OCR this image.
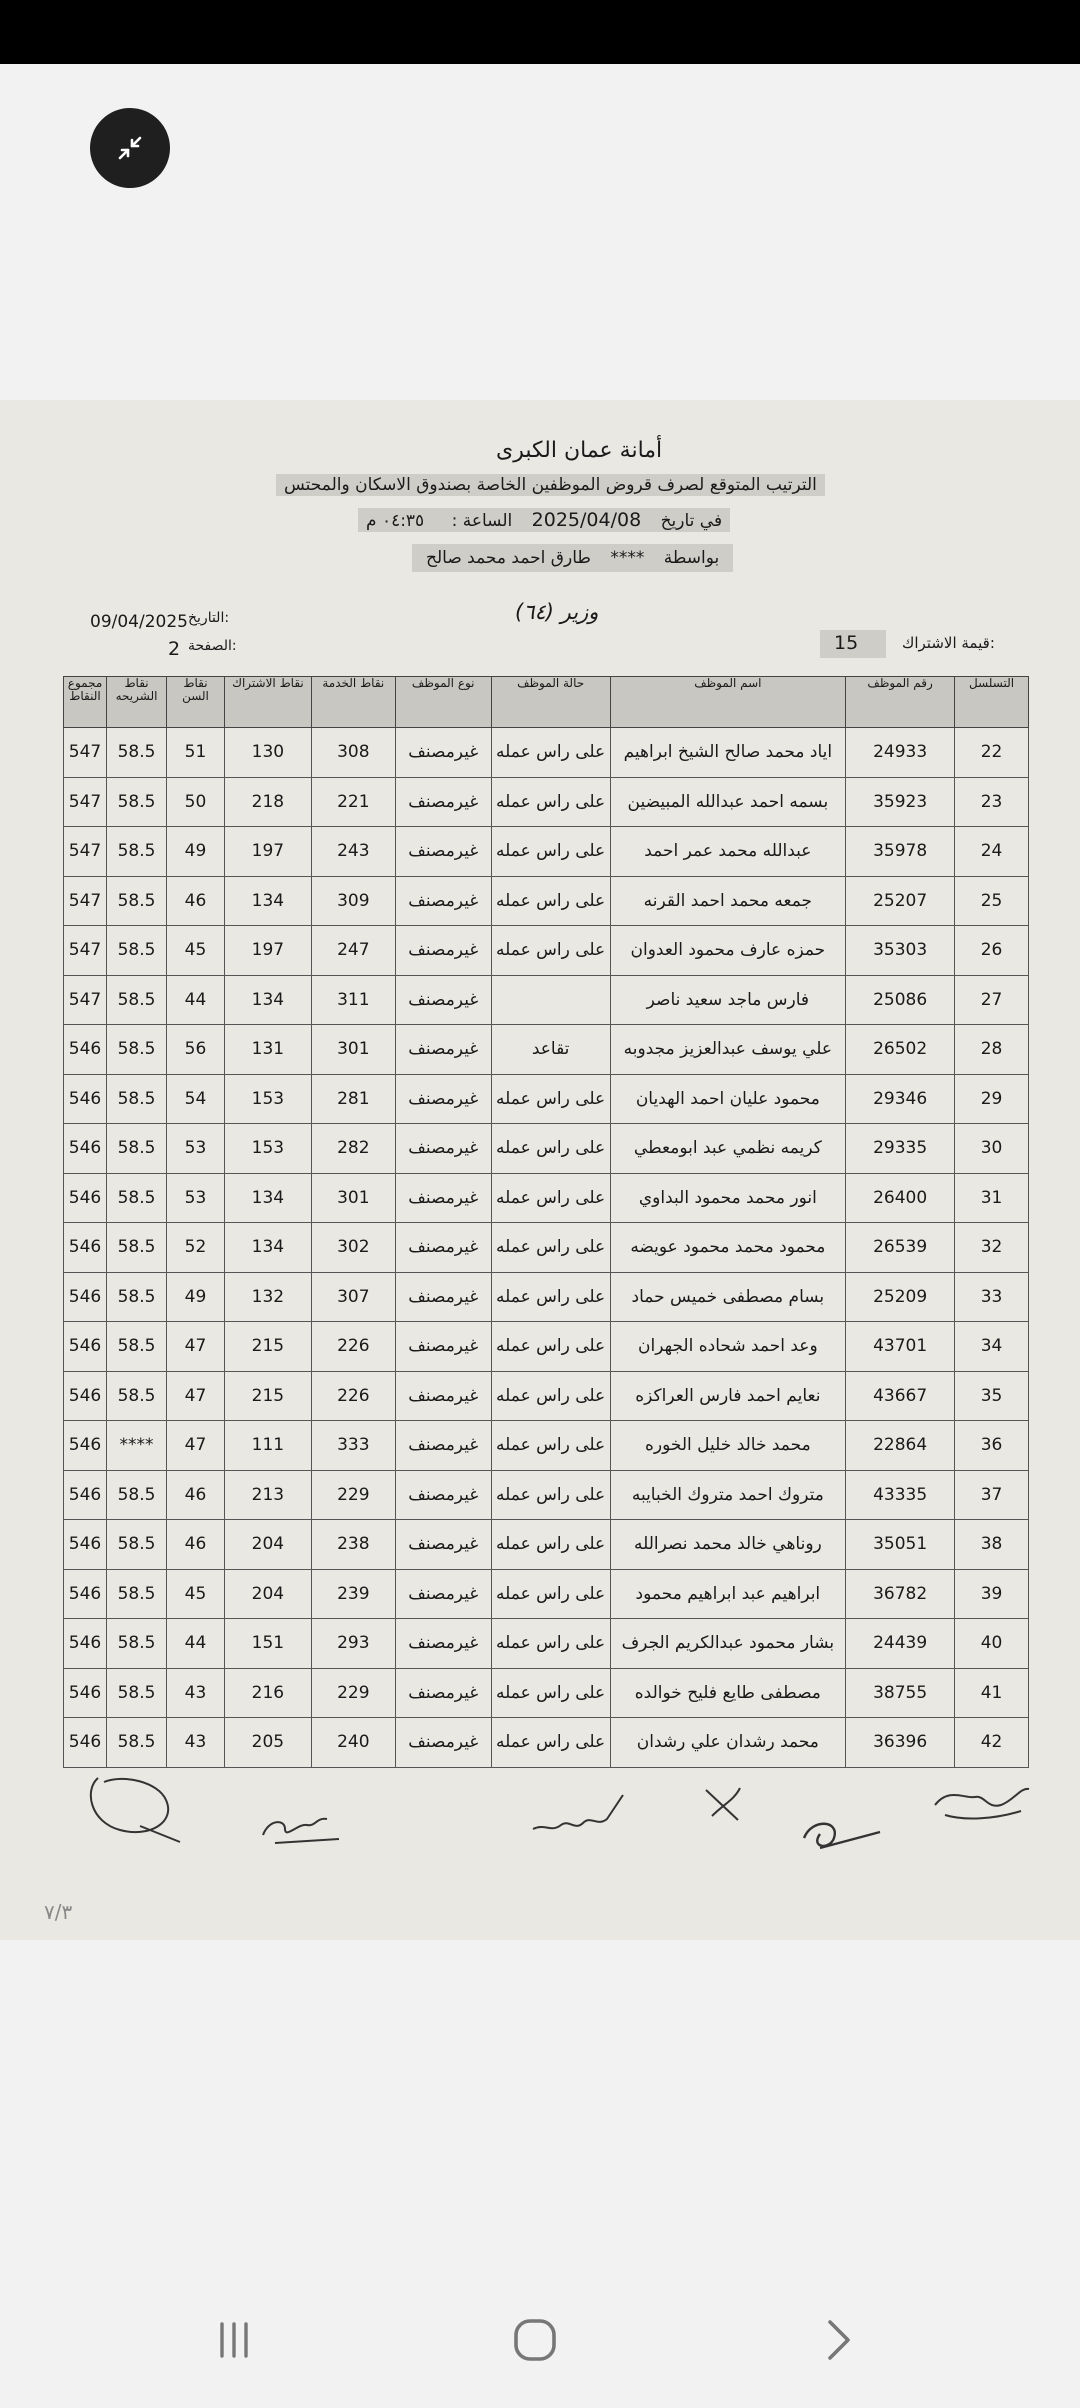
أمانة عمان الكبرى
الترتيب المتوقع لصرف قروض الموظفين الخاصة بصندوق الاسكان والمحتس
في تاريخ 2025/04/08 الساعة : ٠٤:٣٥ م
بواسطة **** طارق احمد محمد صالح
وزير (٦٤)
التاريخ:
09/04/2025
الصفحة:
2	15	قيمة الاشتراك:
التسلسل	رقم الموظف	اسم الموظف	حالة الموظف	نوع الموظف	نقاط الخدمة	نقاط الاشتراك	نقاط السن	نقاط الشريحه	مجموع النقاط
22	24933	اياد محمد صالح الشيخ ابراهيم	على راس عمله	غيرمصنف	308	130	51	58.5	547
23	35923	بسمه احمد عبدالله المبيضين	على راس عمله	غيرمصنف	221	218	50	58.5	547
24	35978	عبدالله محمد عمر احمد	على راس عمله	غيرمصنف	243	197	49	58.5	547
25	25207	جمعه محمد احمد القرنه	على راس عمله	غيرمصنف	309	134	46	58.5	547
26	35303	حمزه عارف محمود العدوان	على راس عمله	غيرمصنف	247	197	45	58.5	547
27	25086	فارس ماجد سعيد ناصر		غيرمصنف	311	134	44	58.5	547
28	26502	علي يوسف عبدالعزيز مجدوبه	تقاعد	غيرمصنف	301	131	56	58.5	546
29	29346	محمود عليان احمد الهديان	على راس عمله	غيرمصنف	281	153	54	58.5	546
30	29335	كريمه نظمي عبد ابومعطي	على راس عمله	غيرمصنف	282	153	53	58.5	546
31	26400	انور محمد محمود البداوي	على راس عمله	غيرمصنف	301	134	53	58.5	546
32	26539	محمود محمد محمود عويضه	على راس عمله	غيرمصنف	302	134	52	58.5	546
33	25209	بسام مصطفى خميس حماد	على راس عمله	غيرمصنف	307	132	49	58.5	546
34	43701	وعد احمد شحاده الجهران	على راس عمله	غيرمصنف	226	215	47	58.5	546
35	43667	نعايم احمد فارس العراكزه	على راس عمله	غيرمصنف	226	215	47	58.5	546
36	22864	محمد خالد خليل الخوره	على راس عمله	غيرمصنف	333	111	47	****	546
37	43335	متروك احمد متروك الخبايبه	على راس عمله	غيرمصنف	229	213	46	58.5	546
38	35051	روناهي خالد محمد نصرالله	على راس عمله	غيرمصنف	238	204	46	58.5	546
39	36782	ابراهيم عبد ابراهيم محمود	على راس عمله	غيرمصنف	239	204	45	58.5	546
40	24439	بشار محمود عبدالكريم الجرف	على راس عمله	غيرمصنف	293	151	44	58.5	546
41	38755	مصطفى طايع فليح خوالده	على راس عمله	غيرمصنف	229	216	43	58.5	546
42	36396	محمد رشدان علي رشدان	على راس عمله	غيرمصنف	240	205	43	58.5	546
٧/٣
